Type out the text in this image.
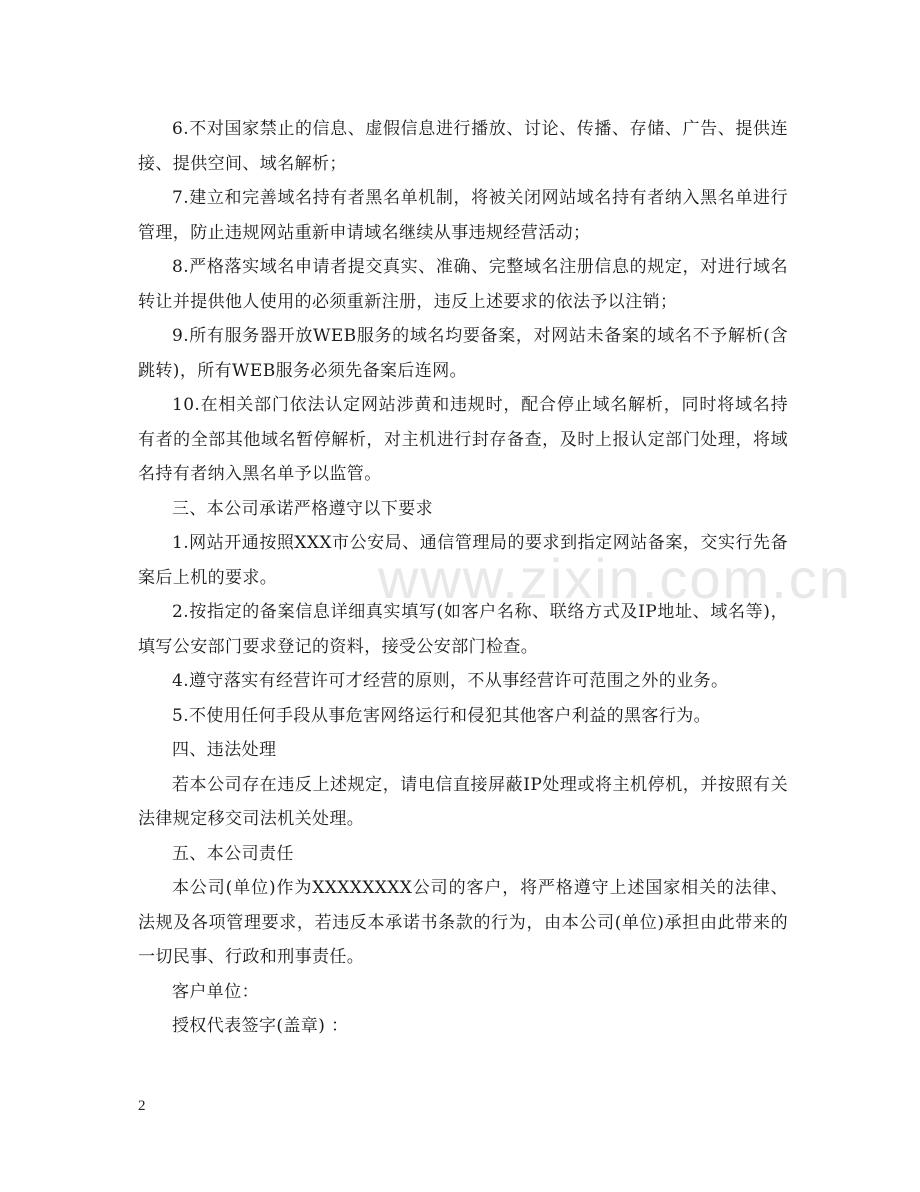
6.不对国家禁止的信息、虚假信息进行播放、讨论、传播、存储、广告、提供连接、提供空间、域名解析；

7.建立和完善域名持有者黑名单机制，将被关闭网站域名持有者纳入黑名单进行管理，防止违规网站重新申请域名继续从事违规经营活动；

8.严格落实域名申请者提交真实、准确、完整域名注册信息的规定，对进行域名转让并提供他人使用的必须重新注册，违反上述要求的依法予以注销；

9.所有服务器开放WEB服务的域名均要备案，对网站未备案的域名不予解析(含跳转)，所有WEB服务必须先备案后连网。

10.在相关部门依法认定网站涉黄和违规时，配合停止域名解析，同时将域名持有者的全部其他域名暂停解析，对主机进行封存备查，及时上报认定部门处理，将域名持有者纳入黑名单予以监管。

三、本公司承诺严格遵守以下要求

1.网站开通按照XXX市公安局、通信管理局的要求到指定网站备案，交实行先备案后上机的要求。

2.按指定的备案信息详细真实填写(如客户名称、联络方式及IP地址、域名等)，填写公安部门要求登记的资料，接受公安部门检查。

4.遵守落实有经营许可才经营的原则，不从事经营许可范围之外的业务。

5.不使用任何手段从事危害网络运行和侵犯其他客户利益的黑客行为。

四、违法处理

若本公司存在违反上述规定，请电信直接屏蔽IP处理或将主机停机，并按照有关法律规定移交司法机关处理。

五、本公司责任

本公司(单位)作为XXXXXXXX公司的客户，将严格遵守上述国家相关的法律、法规及各项管理要求，若违反本承诺书条款的行为，由本公司(单位)承担由此带来的一切民事、行政和刑事责任。

客户单位：

授权代表签字(盖章) ：

www.zixin.com.cn
2
